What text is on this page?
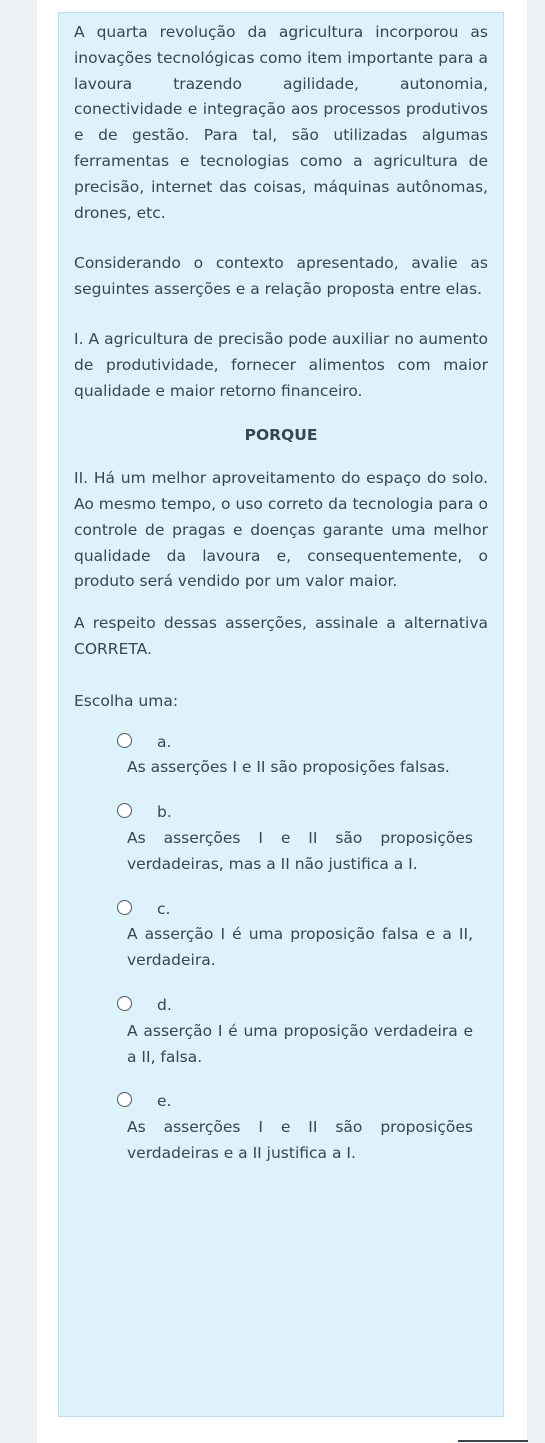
A quarta revolução da agricultura incorporou as inovações tecnológicas como item importante para a lavoura trazendo agilidade, autonomia, conectividade e integração aos processos produtivos e de gestão. Para tal, são utilizadas algumas ferramentas e tecnologias como a agricultura de precisão, internet das coisas, máquinas autônomas, drones, etc.

Considerando o contexto apresentado, avalie as seguintes asserções e a relação proposta entre elas.

I. A agricultura de precisão pode auxiliar no aumento de produtividade, fornecer alimentos com maior qualidade e maior retorno financeiro.

PORQUE

II. Há um melhor aproveitamento do espaço do solo. Ao mesmo tempo, o uso correto da tecnologia para o controle de pragas e doenças garante uma melhor qualidade da lavoura e, consequentemente, o produto será vendido por um valor maior.

A respeito dessas asserções, assinale a alternativa CORRETA.

Escolha uma:

a.
As asserções I e II são proposições falsas.
b.
As asserções I e II são proposições verdadeiras, mas a II não justifica a I.
c.
A asserção I é uma proposição falsa e a II, verdadeira.
d.
A asserção I é uma proposição verdadeira e a II, falsa.
e.
As asserções I e II são proposições verdadeiras e a II justifica a I.
